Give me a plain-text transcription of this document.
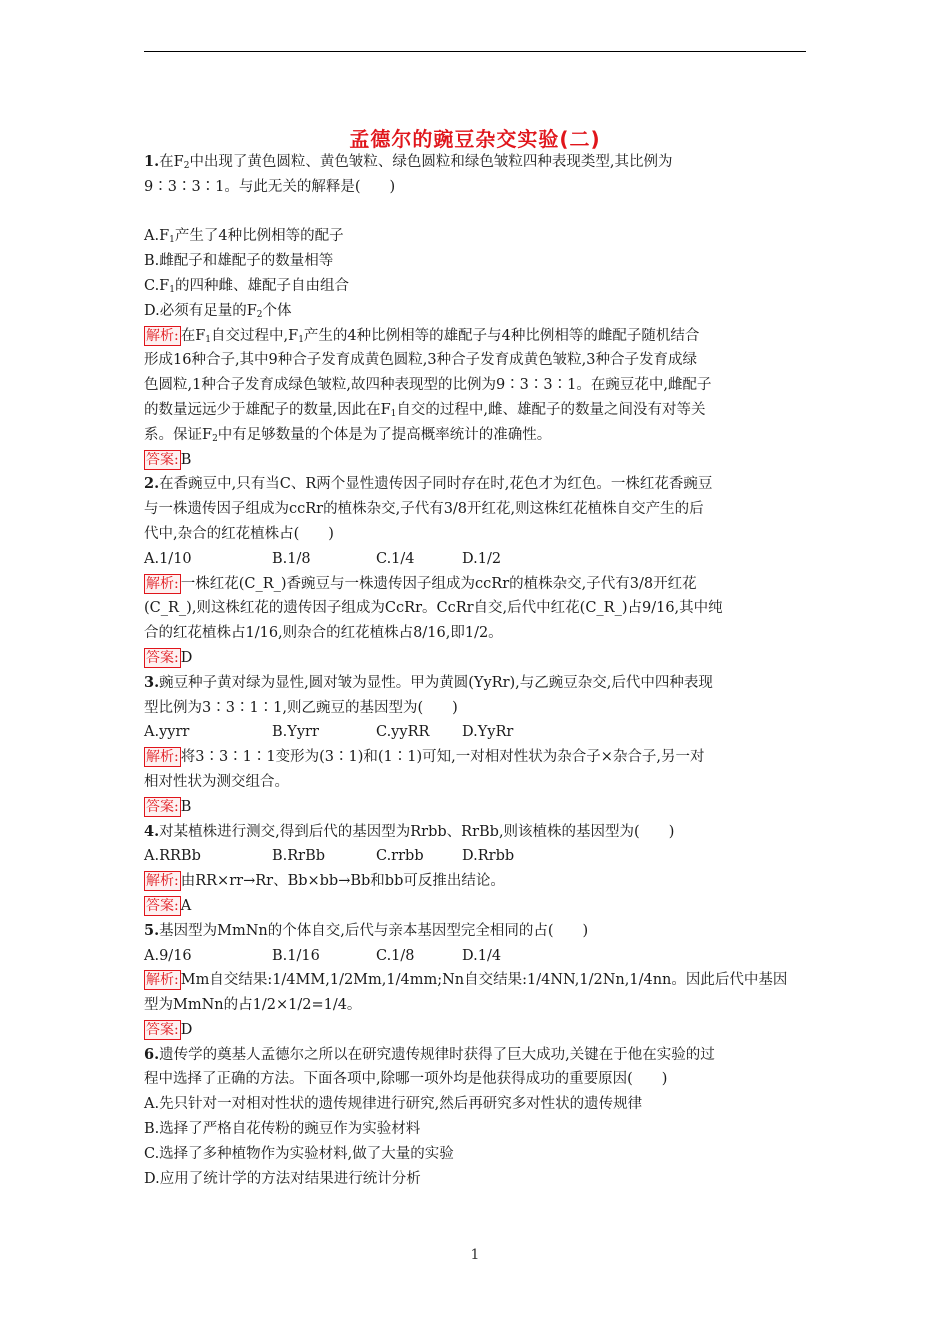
孟德尔的豌豆杂交实验(二)
1.在$F_2$中出现了黄色圆粒、黄色皱粒、绿色圆粒和绿色皱粒四种表现类型,其比例为
9∶3∶3∶1。与此无关的解释是(　　)
$A.F_1$产生了4种比例相等的配子
B.雌配子和雄配子的数量相等
$C.F_1$的四种雌、雄配子自由组合
D.必须有足量的$F_2$个体
解析: 在$F_1$自交过程中$,F_1$产生的4种比例相等的雄配子与4种比例相等的雌配子随机结合
形成16种合子,其中9种合子发育成黄色圆粒,3种合子发育成黄色皱粒,3种合子发育成绿
色圆粒,1种合子发育成绿色皱粒,故四种表现型的比例为9∶3∶3∶1。在豌豆花中,雌配子
的数量远远少于雄配子的数量,因此在$F_1$自交的过程中,雌、雄配子的数量之间没有对等关
系。保证$F_2$中有足够数量的个体是为了提高概率统计的准确性。
答案: B
2.在香豌豆中,只有当C、R两个显性遗传因子同时存在时,花色才为红色。一株红花香豌豆
与一株遗传因子组成为ccRr的植株杂交,子代有3/8开红花,则这株红花植株自交产生的后
代中,杂合的红花植株占(　　)
A.1/10	B.1/8	C.1/4	D.1/2
解析: 一株红花(C_R_)香豌豆与一株遗传因子组成为ccRr的植株杂交,子代有3/8开红花
(C_R_),则这株红花的遗传因子组成为CcRr。CcRr自交,后代中红花(C_R_)占9/16,其中纯
合的红花植株占1/16,则杂合的红花植株占8/16,即1/2。
答案: D
3.豌豆种子黄对绿为显性,圆对皱为显性。甲为黄圆(YyRr),与乙豌豆杂交,后代中四种表现
型比例为3∶3∶1∶1,则乙豌豆的基因型为(　　)
A.yyrr	B.Yyrr	C.yyRR	D.YyRr
解析: 将3∶3∶1∶1变形为(3∶1)和(1∶1)可知,一对相对性状为杂合子×杂合子,另一对
相对性状为测交组合。
答案: B
4.对某植株进行测交,得到后代的基因型为Rrbb、RrBb,则该植株的基因型为(　　)
A.RRBb	B.RrBb	C.rrbb	D.Rrbb
解析: 由RR×rr→Rr、Bb×bb→Bb和bb可反推出结论。
答案: A
5.基因型为MmNn的个体自交,后代与亲本基因型完全相同的占(　　)
A.9/16	B.1/16	C.1/8	D.1/4
解析: Mm自交结果:1/4MM,1/2Mm,1/4mm;Nn自交结果:1/4NN,1/2Nn,1/4nn。因此后代中基因
型为MmNn的占1/2×1/2=1/4。
答案: D
6.遗传学的奠基人孟德尔之所以在研究遗传规律时获得了巨大成功,关键在于他在实验的过
程中选择了正确的方法。下面各项中,除哪一项外均是他获得成功的重要原因(　　)
A.先只针对一对相对性状的遗传规律进行研究,然后再研究多对性状的遗传规律
B.选择了严格自花传粉的豌豆作为实验材料
C.选择了多种植物作为实验材料,做了大量的实验
D.应用了统计学的方法对结果进行统计分析
1
